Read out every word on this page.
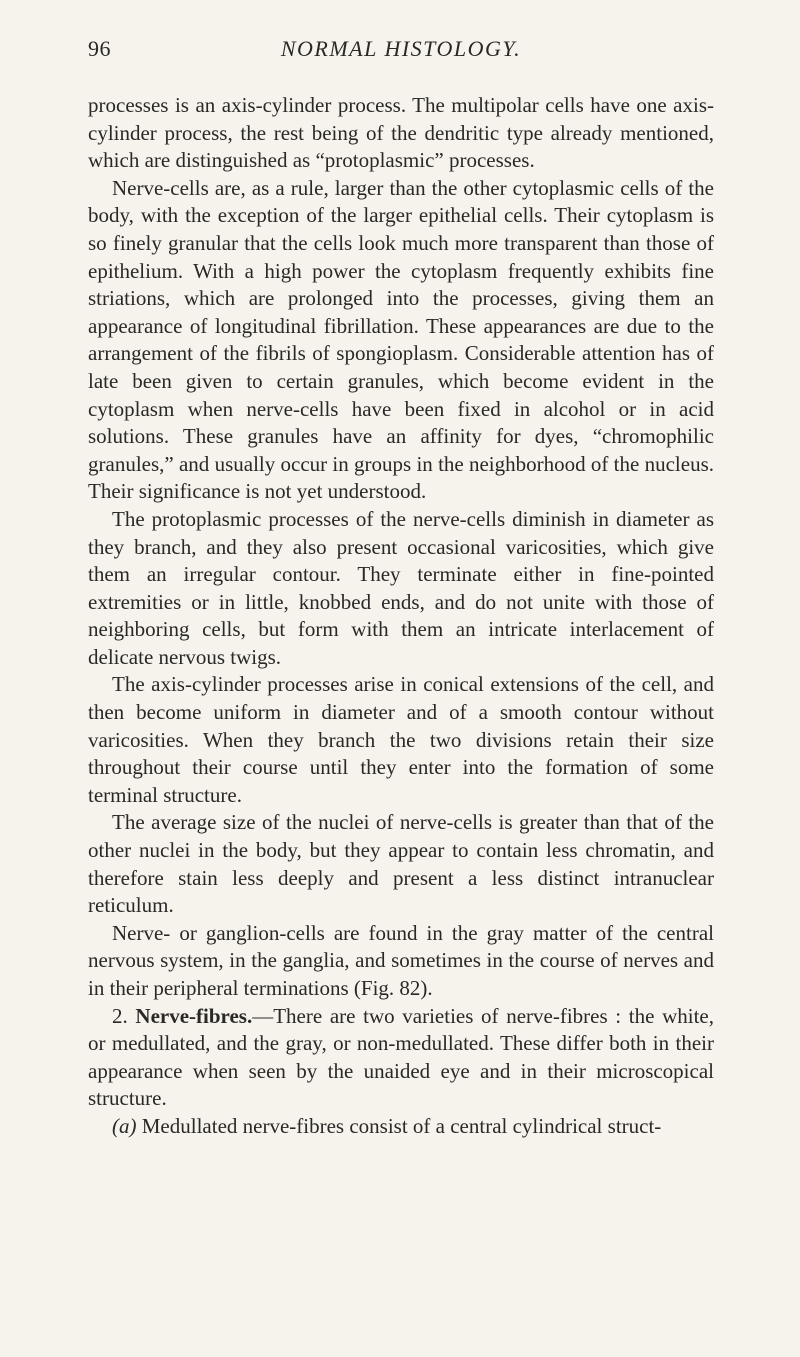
96	NORMAL HISTOLOGY.

processes is an axis-cylinder process. The multipolar cells have one axis-cylinder process, the rest being of the dendritic type already mentioned, which are distinguished as “protoplasmic” processes.

Nerve-cells are, as a rule, larger than the other cytoplasmic cells of the body, with the exception of the larger epithelial cells. Their cytoplasm is so finely granular that the cells look much more transparent than those of epithelium. With a high power the cytoplasm frequently exhibits fine striations, which are prolonged into the processes, giving them an appearance of longitudinal fibrillation. These appearances are due to the arrangement of the fibrils of spongioplasm. Considerable attention has of late been given to certain granules, which become evident in the cytoplasm when nerve-cells have been fixed in alcohol or in acid solutions. These granules have an affinity for dyes, “chromophilic granules,” and usually occur in groups in the neighborhood of the nucleus. Their significance is not yet understood.

The protoplasmic processes of the nerve-cells diminish in diameter as they branch, and they also present occasional varicosities, which give them an irregular contour. They terminate either in fine-pointed extremities or in little, knobbed ends, and do not unite with those of neighboring cells, but form with them an intricate interlacement of delicate nervous twigs.

The axis-cylinder processes arise in conical extensions of the cell, and then become uniform in diameter and of a smooth contour without varicosities. When they branch the two divisions retain their size throughout their course until they enter into the formation of some terminal structure.

The average size of the nuclei of nerve-cells is greater than that of the other nuclei in the body, but they appear to contain less chromatin, and therefore stain less deeply and present a less distinct intranuclear reticulum.

Nerve- or ganglion-cells are found in the gray matter of the central nervous system, in the ganglia, and sometimes in the course of nerves and in their peripheral terminations (Fig. 82).

2. Nerve-fibres.—There are two varieties of nerve-fibres : the white, or medullated, and the gray, or non-medullated. These differ both in their appearance when seen by the unaided eye and in their microscopical structure.

(a) Medullated nerve-fibres consist of a central cylindrical struct-
